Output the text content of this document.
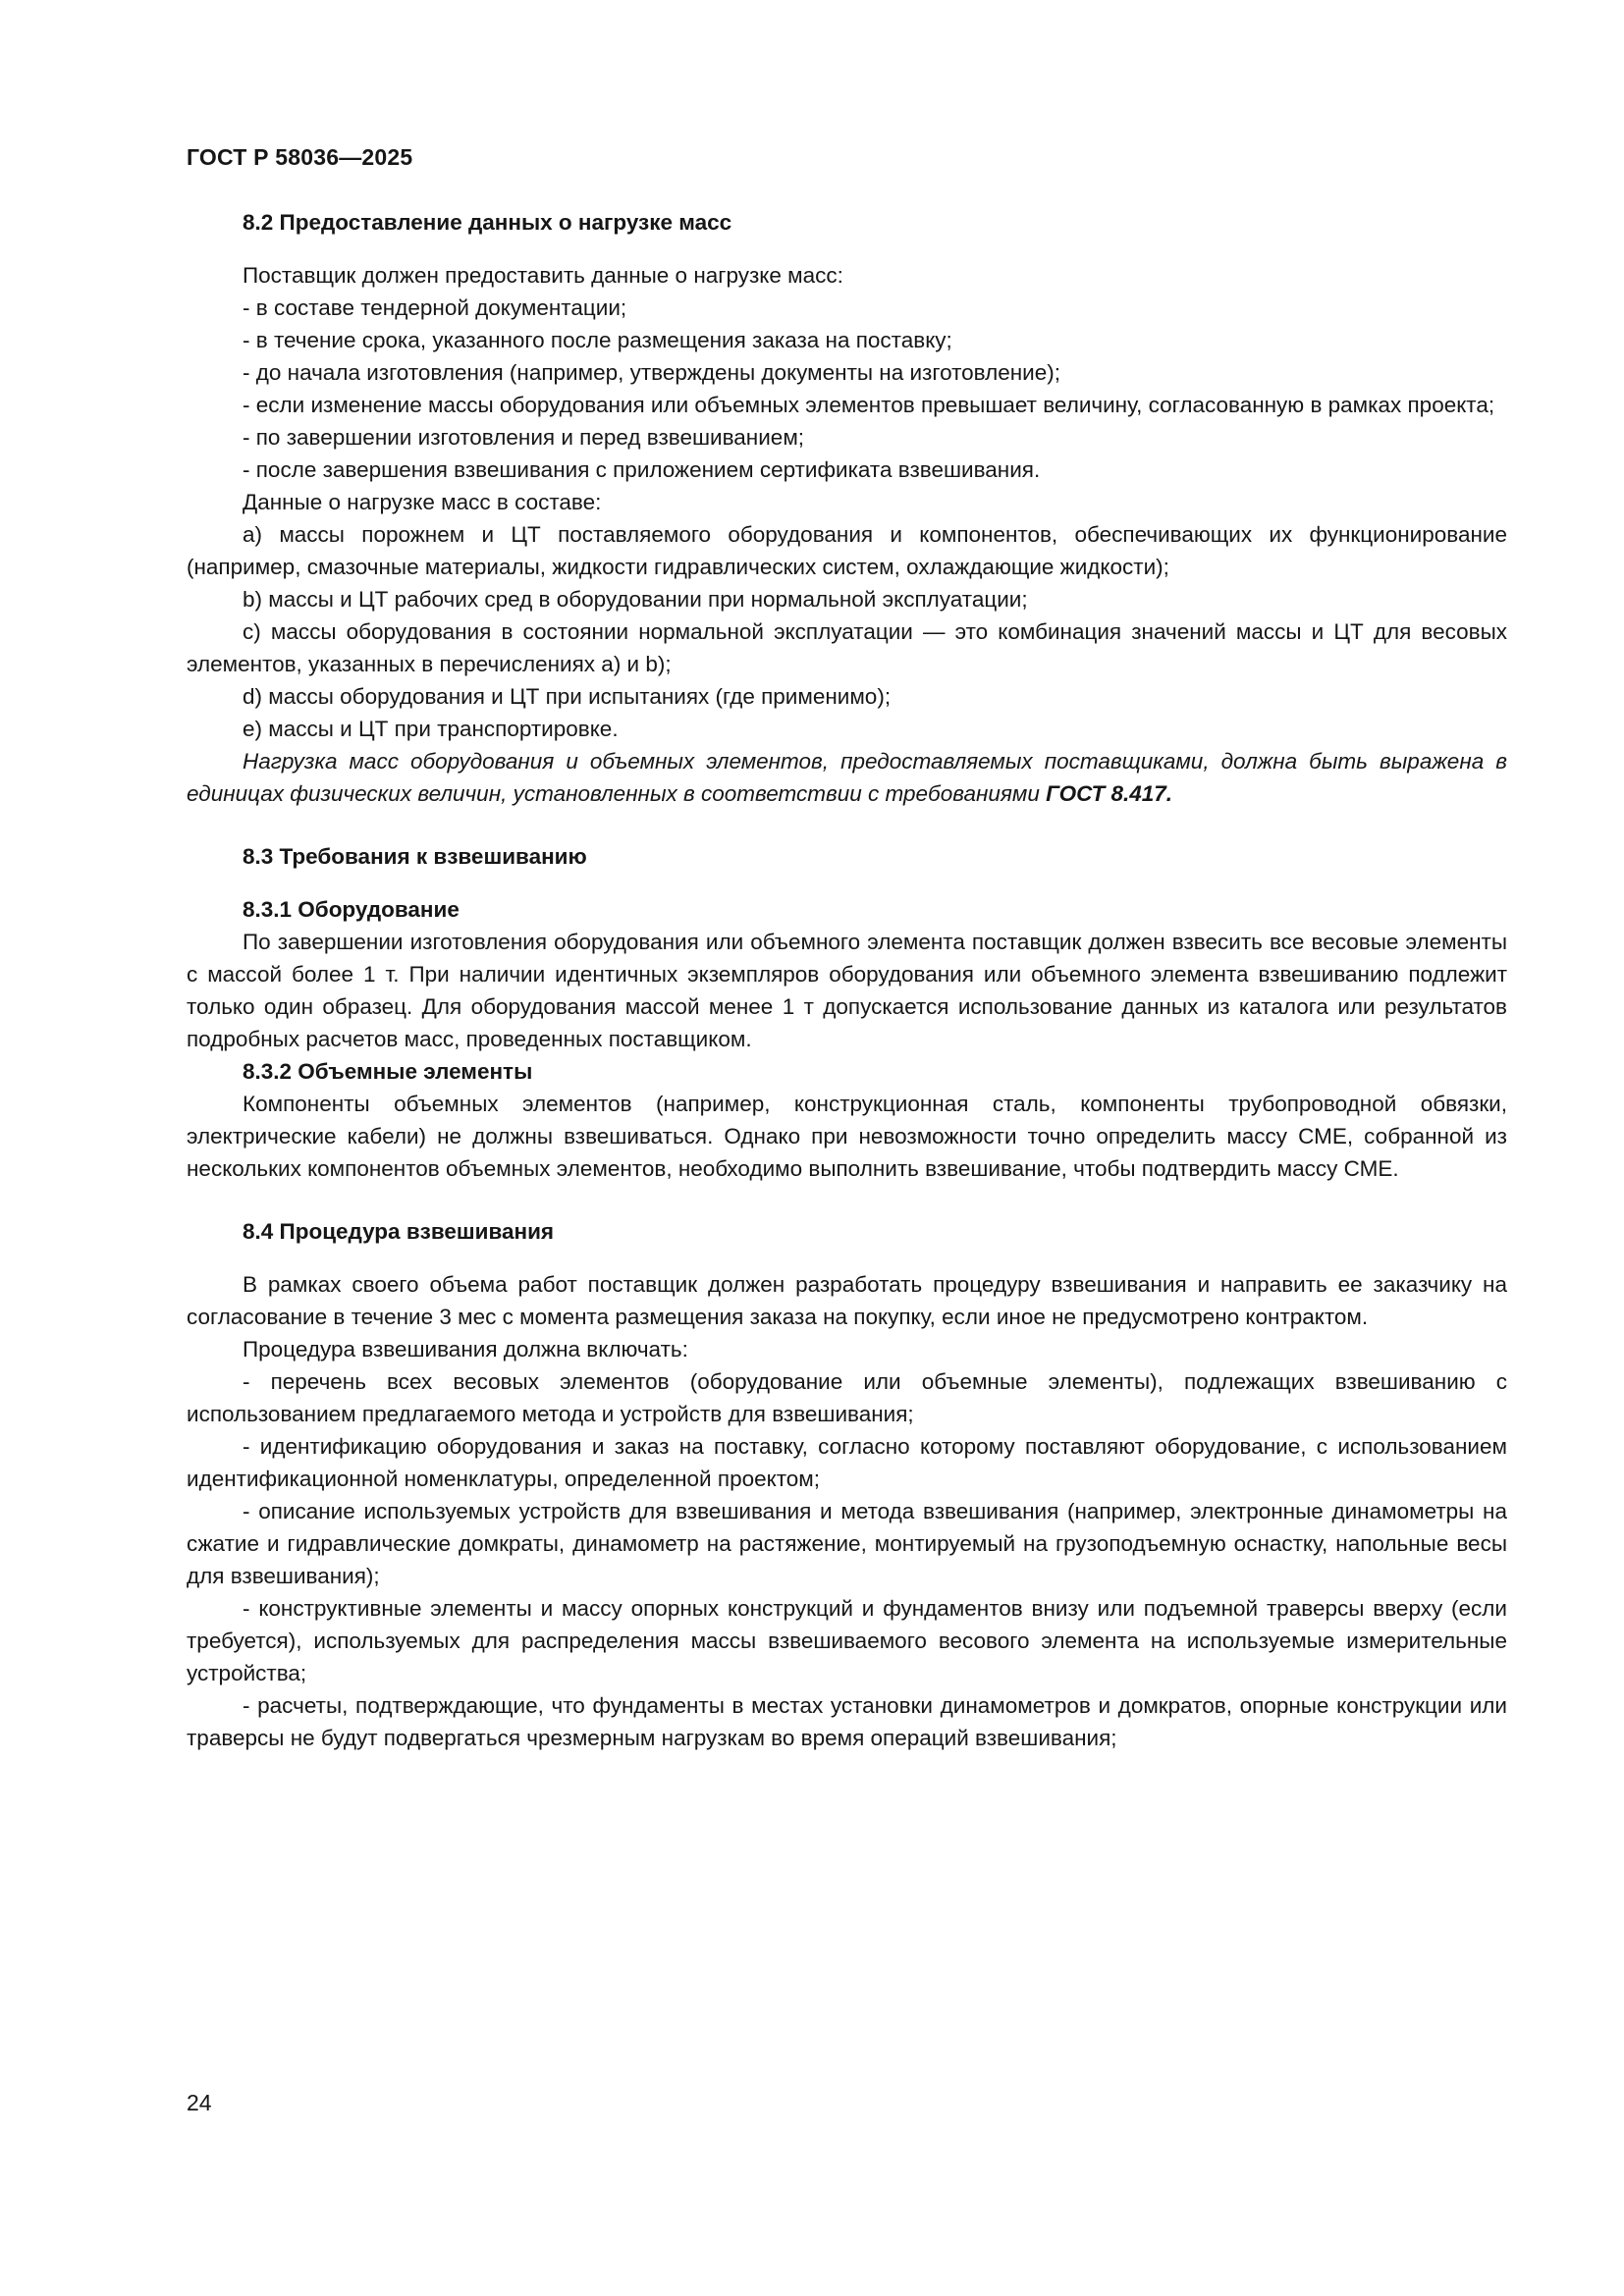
ГОСТ Р 58036—2025
8.2 Предоставление данных о нагрузке масс

Поставщик должен предоставить данные о нагрузке масс:

- в составе тендерной документации;

- в течение срока, указанного после размещения заказа на поставку;

- до начала изготовления (например, утверждены документы на изготовление);

- если изменение массы оборудования или объемных элементов превышает величину, согласованную в рамках проекта;

- по завершении изготовления и перед взвешиванием;

- после завершения взвешивания с приложением сертификата взвешивания.

Данные о нагрузке масс в составе:

а) массы порожнем и ЦТ поставляемого оборудования и компонентов, обеспечивающих их функционирование (например, смазочные материалы, жидкости гидравлических систем, охлаждающие жидкости);

b) массы и ЦТ рабочих сред в оборудовании при нормальной эксплуатации;

c) массы оборудования в состоянии нормальной эксплуатации — это комбинация значений массы и ЦТ для весовых элементов, указанных в перечислениях а) и b);

d) массы оборудования и ЦТ при испытаниях (где применимо);

e) массы и ЦТ при транспортировке.

Нагрузка масс оборудования и объемных элементов, предоставляемых поставщиками, должна быть выражена в единицах физических величин, установленных в соответствии с требованиями ГОСТ 8.417.

8.3 Требования к взвешиванию
8.3.1 Оборудование

По завершении изготовления оборудования или объемного элемента поставщик должен взвесить все весовые элементы с массой более 1 т. При наличии идентичных экземпляров оборудования или объемного элемента взвешиванию подлежит только один образец. Для оборудования массой менее 1 т допускается использование данных из каталога или результатов подробных расчетов масс, проведенных поставщиком.

8.3.2 Объемные элементы

Компоненты объемных элементов (например, конструкционная сталь, компоненты трубопроводной обвязки, электрические кабели) не должны взвешиваться. Однако при невозможности точно определить массу СМЕ, собранной из нескольких компонентов объемных элементов, необходимо выполнить взвешивание, чтобы подтвердить массу СМЕ.

8.4 Процедура взвешивания

В рамках своего объема работ поставщик должен разработать процедуру взвешивания и направить ее заказчику на согласование в течение 3 мес с момента размещения заказа на покупку, если иное не предусмотрено контрактом.

Процедура взвешивания должна включать:

- перечень всех весовых элементов (оборудование или объемные элементы), подлежащих взвешиванию с использованием предлагаемого метода и устройств для взвешивания;

- идентификацию оборудования и заказ на поставку, согласно которому поставляют оборудование, с использованием идентификационной номенклатуры, определенной проектом;

- описание используемых устройств для взвешивания и метода взвешивания (например, электронные динамометры на сжатие и гидравлические домкраты, динамометр на растяжение, монтируемый на грузоподъемную оснастку, напольные весы для взвешивания);

- конструктивные элементы и массу опорных конструкций и фундаментов внизу или подъемной траверсы вверху (если требуется), используемых для распределения массы взвешиваемого весового элемента на используемые измерительные устройства;

- расчеты, подтверждающие, что фундаменты в местах установки динамометров и домкратов, опорные конструкции или траверсы не будут подвергаться чрезмерным нагрузкам во время операций взвешивания;

24
